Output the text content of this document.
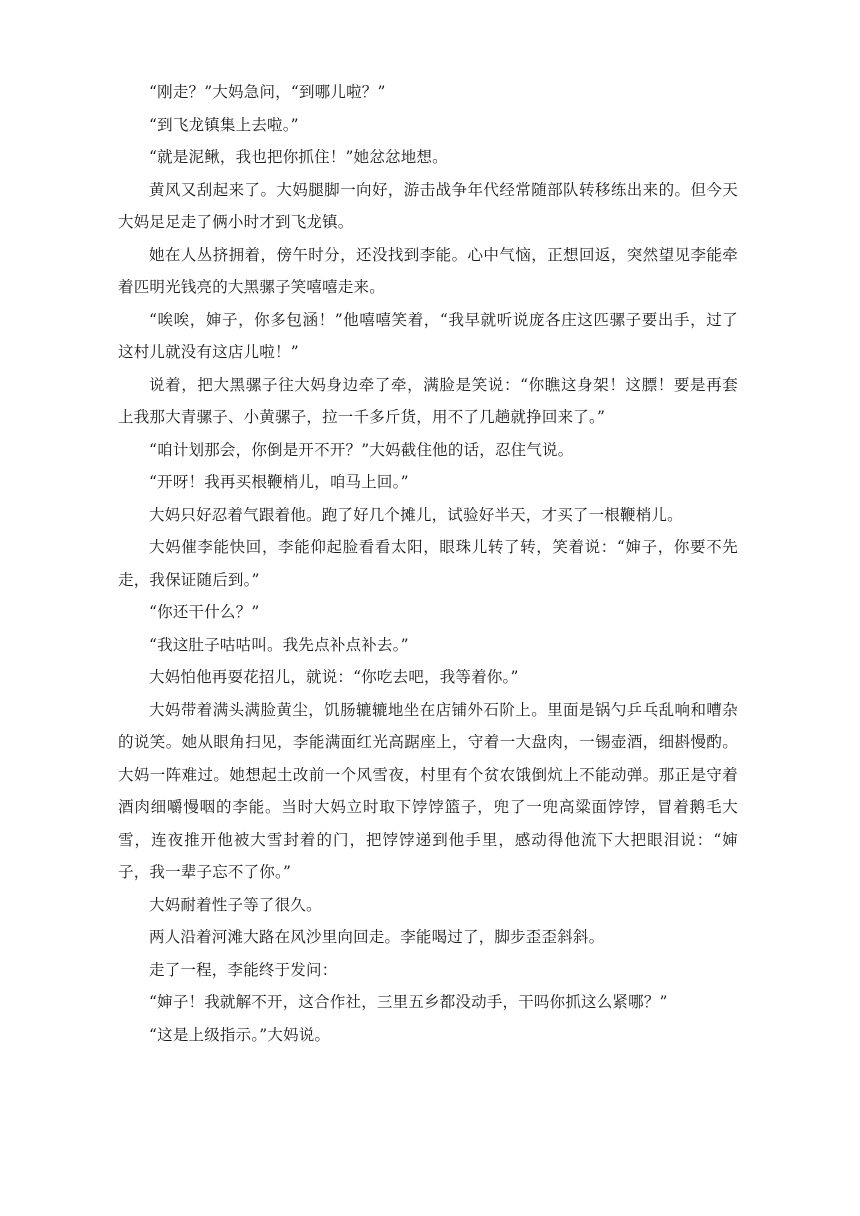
“刚走？”大妈急问，“到哪儿啦？”

“到飞龙镇集上去啦。”

“就是泥鳅，我也把你抓住！”她忿忿地想。

黄风又刮起来了。大妈腿脚一向好，游击战争年代经常随部队转移练出来的。但今天大妈足足走了俩小时才到飞龙镇。

她在人丛挤拥着，傍午时分，还没找到李能。心中气恼，正想回返，突然望见李能牵着匹明光钱亮的大黑骡子笑嘻嘻走来。

“唉唉，婶子，你多包涵！”他嘻嘻笑着，“我早就听说庞各庄这匹骡子要出手，过了这村儿就没有这店儿啦！”

说着，把大黑骡子往大妈身边牵了牵，满脸是笑说：“你瞧这身架！这膘！要是再套上我那大青骡子、小黄骡子，拉一千多斤货，用不了几趟就挣回来了。”

“咱计划那会，你倒是开不开？”大妈截住他的话，忍住气说。

“开呀！我再买根鞭梢儿，咱马上回。”

大妈只好忍着气跟着他。跑了好几个摊儿，试验好半天，才买了一根鞭梢儿。

大妈催李能快回，李能仰起脸看看太阳，眼珠儿转了转，笑着说：“婶子，你要不先走，我保证随后到。”

“你还干什么？”

“我这肚子咕咕叫。我先点补点补去。”

大妈怕他再耍花招儿，就说：“你吃去吧，我等着你。”

大妈带着满头满脸黄尘，饥肠辘辘地坐在店铺外石阶上。里面是锅勺乒乓乱响和嘈杂的说笑。她从眼角扫见，李能满面红光高踞座上，守着一大盘肉，一锡壶酒，细斟慢酌。大妈一阵难过。她想起土改前一个风雪夜，村里有个贫农饿倒炕上不能动弹。那正是守着酒肉细嚼慢咽的李能。当时大妈立时取下饽饽篮子，兜了一兜高粱面饽饽，冒着鹅毛大雪，连夜推开他被大雪封着的门，把饽饽递到他手里，感动得他流下大把眼泪说：“婶子，我一辈子忘不了你。”

大妈耐着性子等了很久。

两人沿着河滩大路在风沙里向回走。李能喝过了，脚步歪歪斜斜。

走了一程，李能终于发问：

“婶子！我就解不开，这合作社，三里五乡都没动手，干吗你抓这么紧哪？”

“这是上级指示。”大妈说。
